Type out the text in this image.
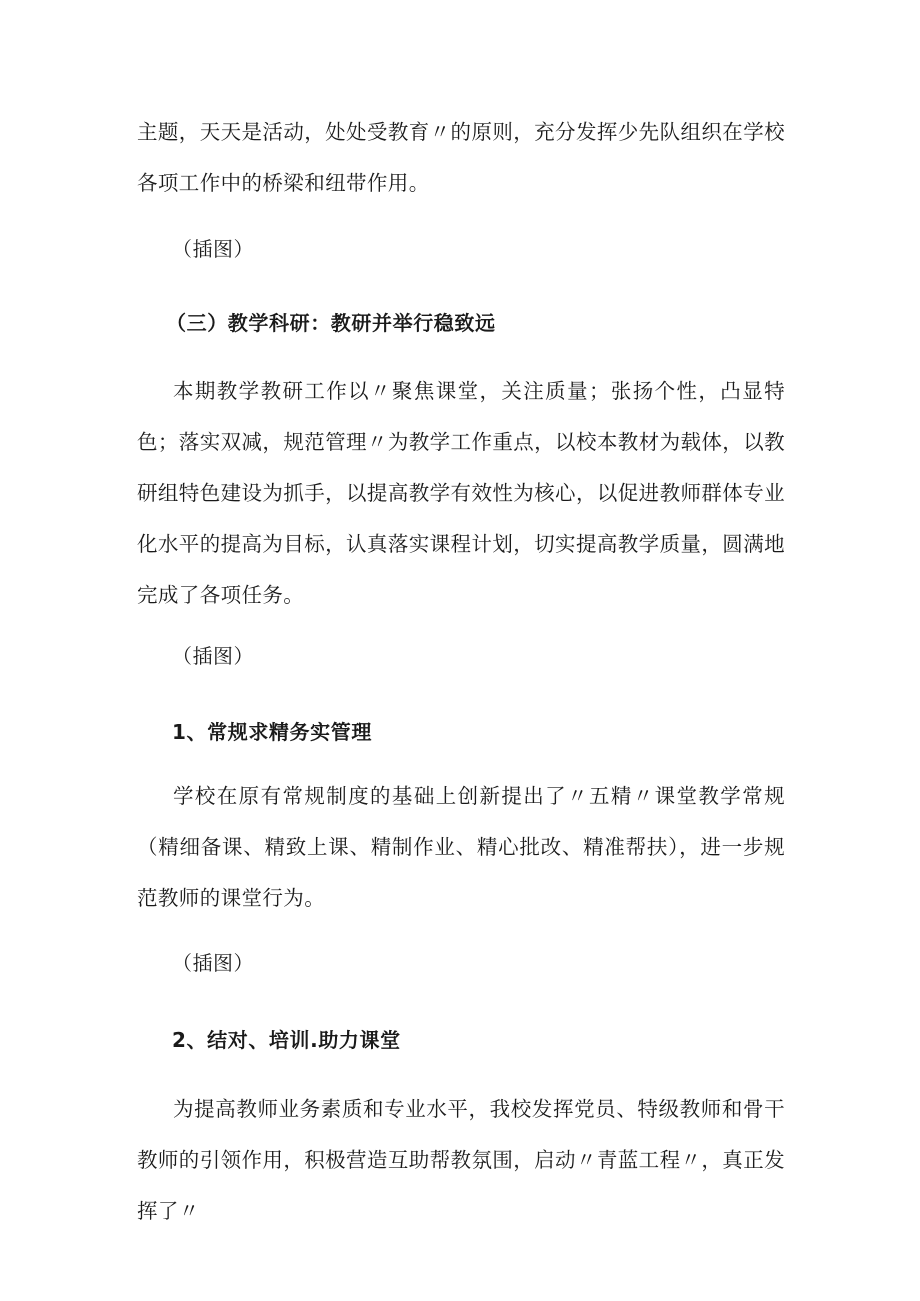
主题，天天是活动，处处受教育〃的原则，充分发挥少先队组织在学校各项工作中的桥梁和纽带作用。

（插图）

（三）教学科研：教研并举行稳致远

本期教学教研工作以〃聚焦课堂，关注质量；张扬个性，凸显特色；落实双减，规范管理〃为教学工作重点，以校本教材为载体，以教研组特色建设为抓手，以提高教学有效性为核心，以促进教师群体专业化水平的提高为目标，认真落实课程计划，切实提高教学质量，圆满地完成了各项任务。

（插图）

1、常规求精务实管理

学校在原有常规制度的基础上创新提出了〃五精〃课堂教学常规（精细备课、精致上课、精制作业、精心批改、精准帮扶），进一步规范教师的课堂行为。

（插图）

2、结对、培训.助力课堂

为提高教师业务素质和专业水平，我校发挥党员、特级教师和骨干教师的引领作用，积极营造互助帮教氛围，启动〃青蓝工程〃，真正发挥了〃
